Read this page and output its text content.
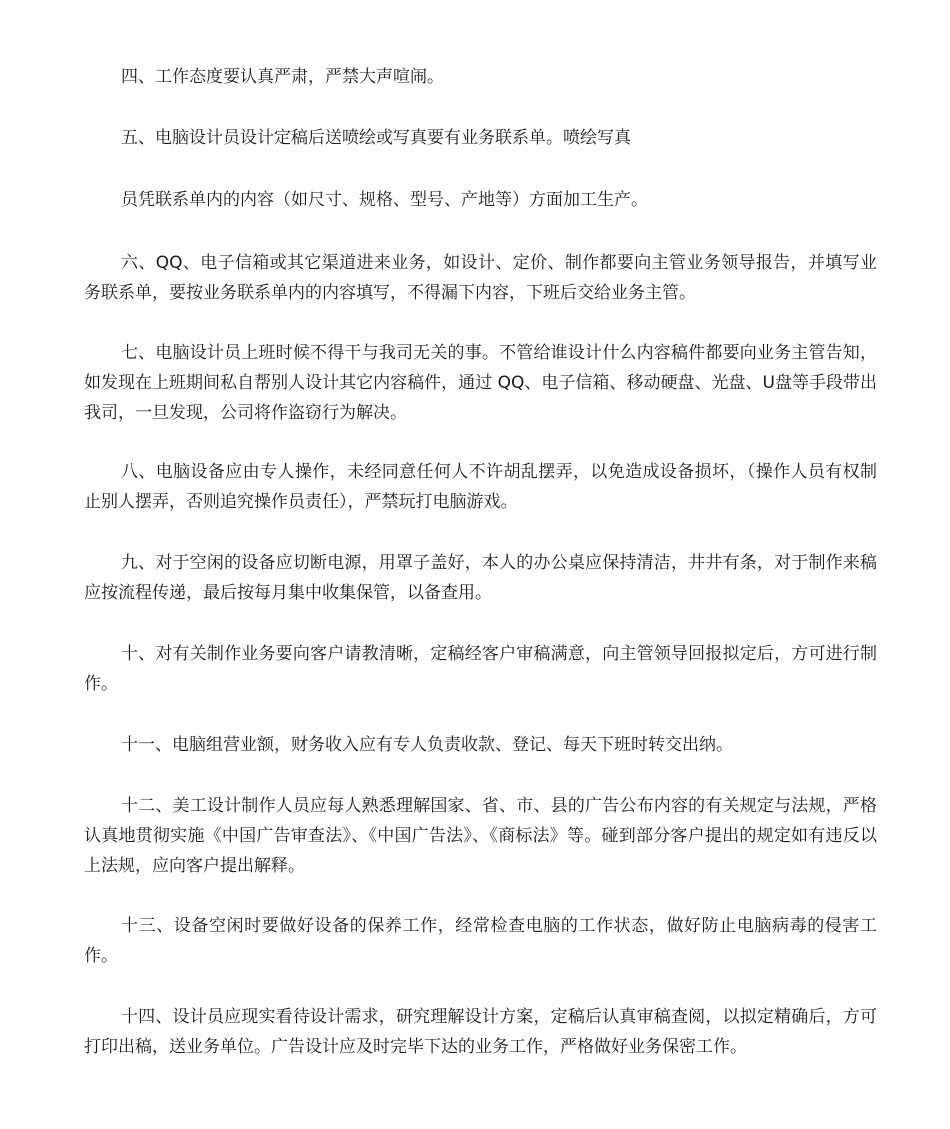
四、工作态度要认真严肃，严禁大声喧闹。

五、电脑设计员设计定稿后送喷绘或写真要有业务联系单。喷绘写真

员凭联系单内的内容（如尺寸、规格、型号、产地等）方面加工生产。

六、QQ、电子信箱或其它渠道进来业务，如设计、定价、制作都要向主管业务领导报告，并填写业务联系单，要按业务联系单内的内容填写，不得漏下内容，下班后交给业务主管。

七、电脑设计员上班时候不得干与我司无关的事。不管给谁设计什么内容稿件都要向业务主管告知，如发现在上班期间私自帮别人设计其它内容稿件，通过 QQ、电子信箱、移动硬盘、光盘、U盘等手段带出我司，一旦发现，公司将作盗窃行为解决。

八、电脑设备应由专人操作，未经同意任何人不许胡乱摆弄，以免造成设备损坏，（操作人员有权制止别人摆弄，否则追究操作员责任），严禁玩打电脑游戏。

九、对于空闲的设备应切断电源，用罩子盖好，本人的办公桌应保持清洁，井井有条，对于制作来稿应按流程传递，最后按每月集中收集保管，以备查用。

十、对有关制作业务要向客户请教清晰，定稿经客户审稿满意，向主管领导回报拟定后，方可进行制作。

十一、电脑组营业额，财务收入应有专人负责收款、登记、每天下班时转交出纳。

十二、美工设计制作人员应每人熟悉理解国家、省、市、县的广告公布内容的有关规定与法规，严格认真地贯彻实施《中国广告审查法》、《中国广告法》、《商标法》等。碰到部分客户提出的规定如有违反以上法规，应向客户提出解释。

十三、设备空闲时要做好设备的保养工作，经常检查电脑的工作状态，做好防止电脑病毒的侵害工作。

十四、设计员应现实看待设计需求，研究理解设计方案，定稿后认真审稿查阅，以拟定精确后，方可打印出稿，送业务单位。广告设计应及时完毕下达的业务工作，严格做好业务保密工作。
